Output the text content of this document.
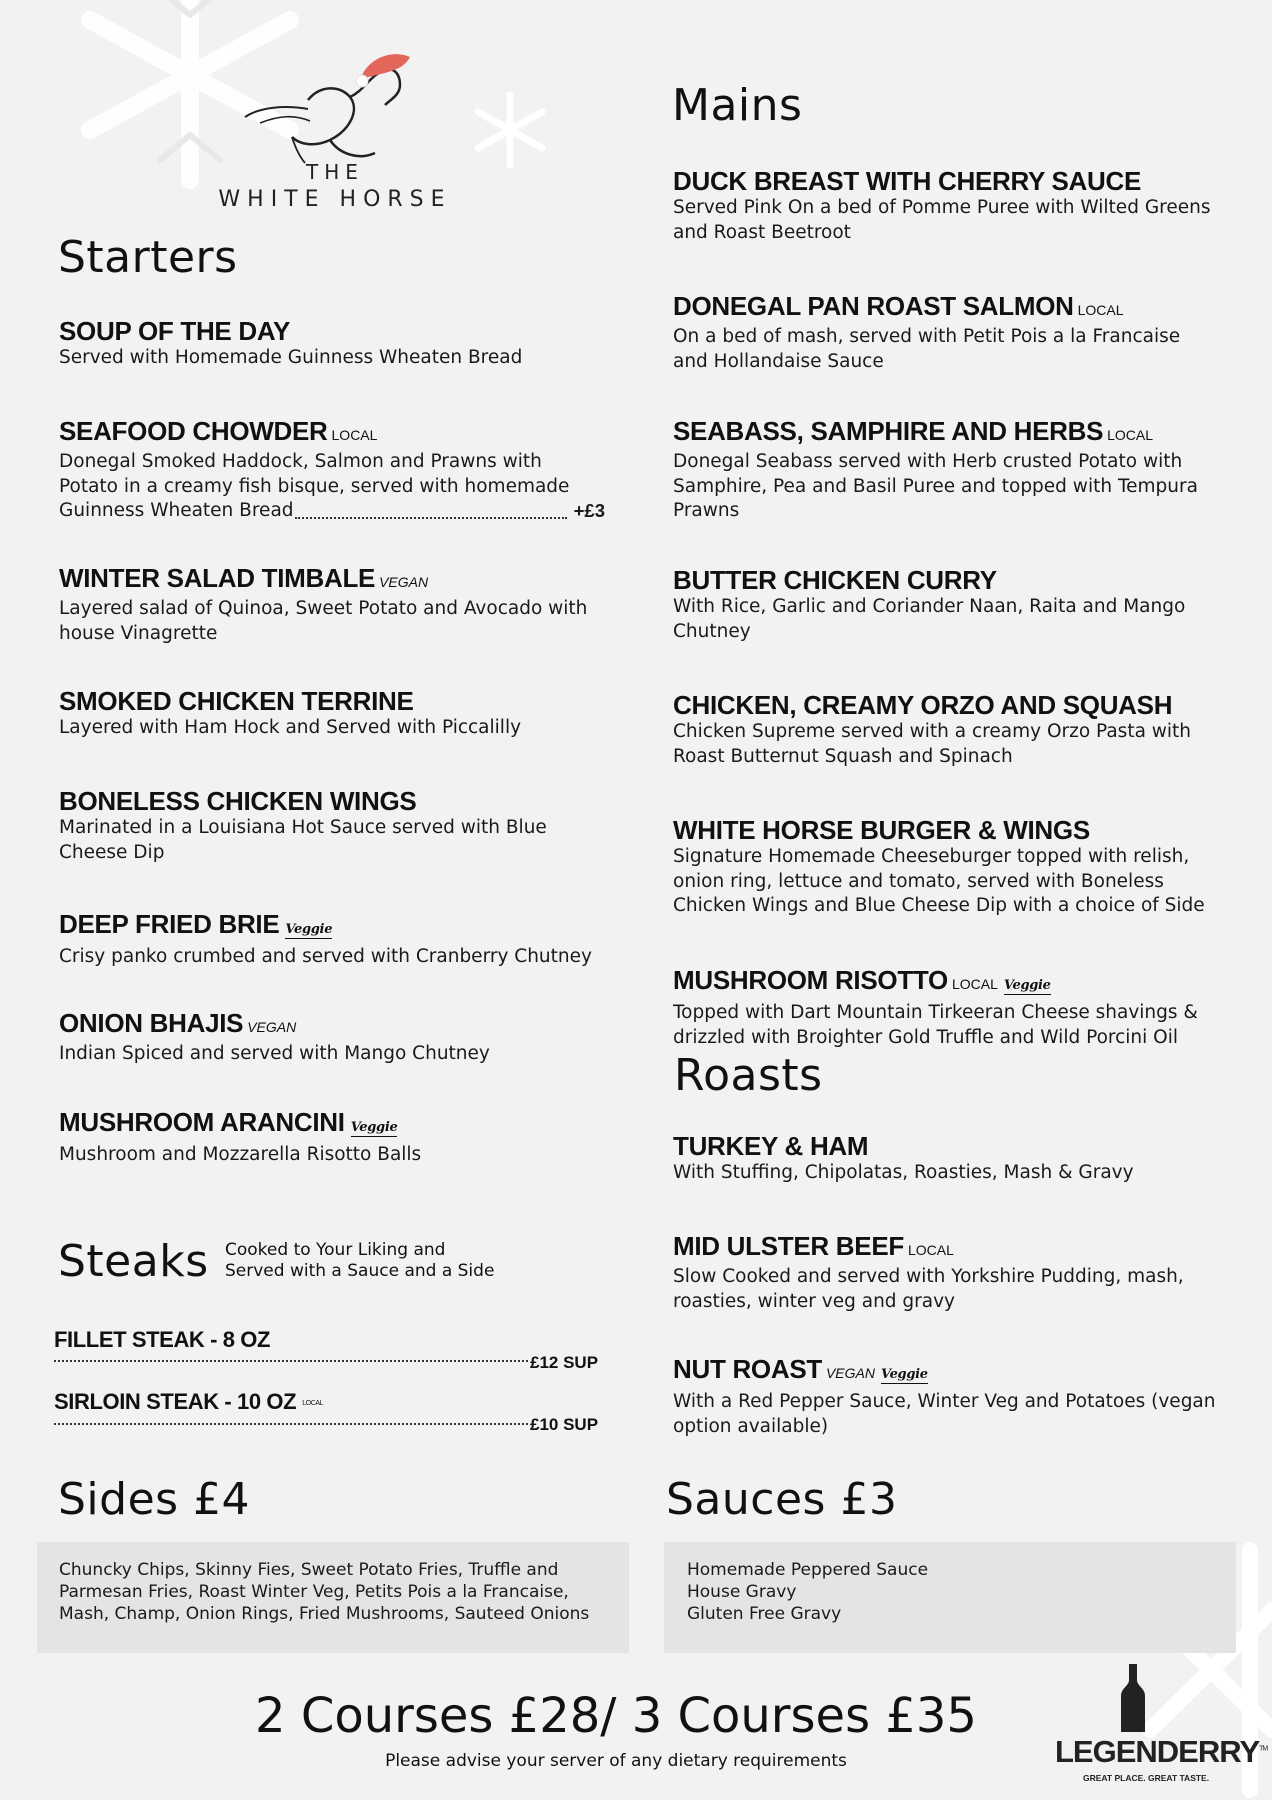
THE
WHITE HORSE
Starters
Mains
Roasts
Steaks
SOUP OF THE DAY
Served with Homemade Guinness Wheaten Bread
SEAFOOD CHOWDER LOCAL
Donegal Smoked Haddock, Salmon and Prawns with Potato in a creamy fish bisque, served with homemade
Guinness Wheaten Bread	+£3
WINTER SALAD TIMBALE VEGAN
Layered salad of Quinoa, Sweet Potato and Avocado with house Vinagrette
SMOKED CHICKEN TERRINE
Layered with Ham Hock and Served with Piccalilly
BONELESS CHICKEN WINGS
Marinated in a Louisiana Hot Sauce served with Blue Cheese Dip
DEEP FRIED BRIE Veggie
Crisy panko crumbed and served with Cranberry Chutney
ONION BHAJIS VEGAN
Indian Spiced and served with Mango Chutney
MUSHROOM ARANCINI Veggie
Mushroom and Mozzarella Risotto Balls
Cooked to Your Liking and
Served with a Sauce and a Side
FILLET STEAK - 8 OZ
£12 SUP
SIRLOIN STEAK - 10 OZ LOCAL
£10 SUP
DUCK BREAST WITH CHERRY SAUCE
Served Pink On a bed of Pomme Puree with Wilted Greens and Roast Beetroot
DONEGAL PAN ROAST SALMON LOCAL
On a bed of mash, served with Petit Pois a la Francaise and Hollandaise Sauce
SEABASS, SAMPHIRE AND HERBS LOCAL
Donegal Seabass served with Herb crusted Potato with Samphire, Pea and Basil Puree and topped with Tempura Prawns
BUTTER CHICKEN CURRY
With Rice, Garlic and Coriander Naan, Raita and Mango Chutney
CHICKEN, CREAMY ORZO AND SQUASH
Chicken Supreme served with a creamy Orzo Pasta with Roast Butternut Squash and Spinach
WHITE HORSE BURGER & WINGS
Signature Homemade Cheeseburger topped with relish, onion ring, lettuce and tomato, served with Boneless Chicken Wings and Blue Cheese Dip with a choice of Side
MUSHROOM RISOTTO LOCAL Veggie
Topped with Dart Mountain Tirkeeran Cheese shavings & drizzled with Broighter Gold Truffle and Wild Porcini Oil
TURKEY & HAM
With Stuffing, Chipolatas, Roasties, Mash & Gravy
MID ULSTER BEEF LOCAL
Slow Cooked and served with Yorkshire Pudding, mash, roasties, winter veg and gravy
NUT ROAST VEGAN Veggie
With a Red Pepper Sauce, Winter Veg and Potatoes (vegan option available)
Sides £4	Sauces £3
Chuncky Chips, Skinny Fies, Sweet Potato Fries, Truffle and
Parmesan Fries, Roast Winter Veg, Petits Pois a la Francaise,
Mash, Champ, Onion Rings, Fried Mushrooms, Sauteed Onions
Homemade Peppered Sauce
House Gravy
Gluten Free Gravy
2 Courses £28/ 3 Courses £35
Please advise your server of any dietary requirements	LEGENDERRY™
GREAT PLACE. GREAT TASTE.
